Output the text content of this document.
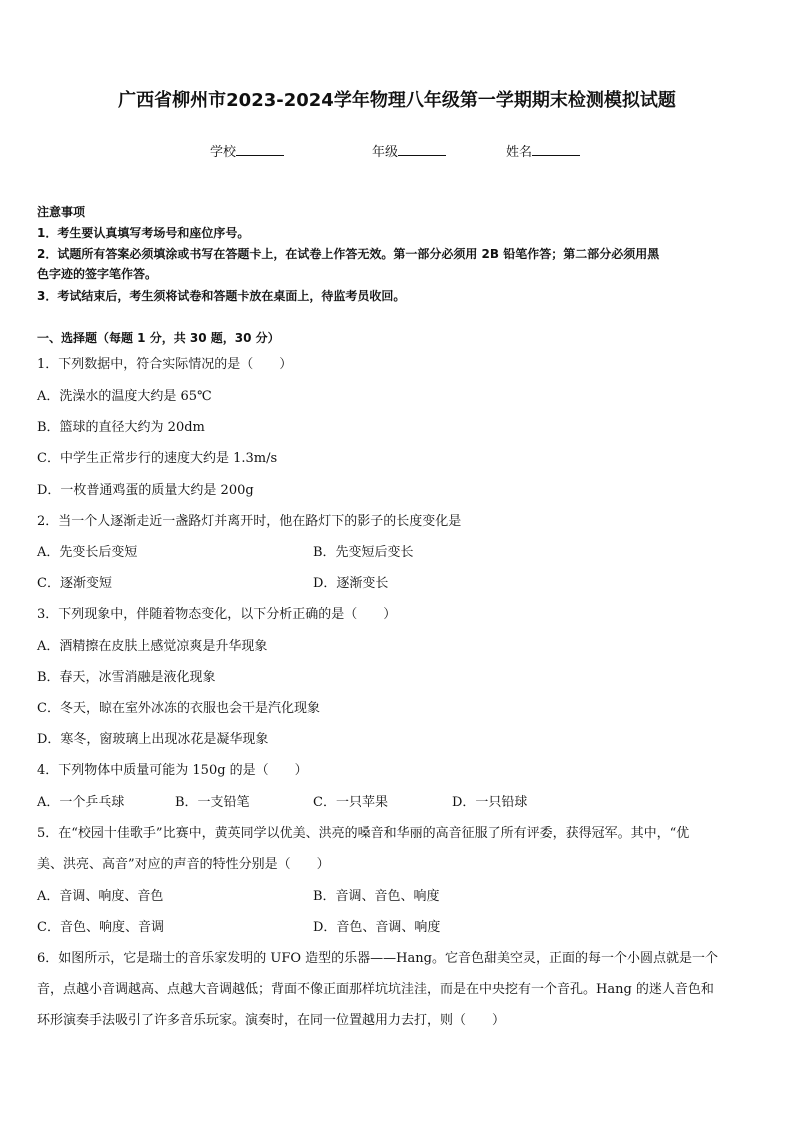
广西省柳州市2023-2024学年物理八年级第一学期期末检测模拟试题
学校	年级	姓名
注意事项
1．考生要认真填写考场号和座位序号。
2．试题所有答案必须填涂或书写在答题卡上，在试卷上作答无效。第一部分必须用 2B 铅笔作答；第二部分必须用黑
色字迹的签字笔作答。
3．考试结束后，考生须将试卷和答题卡放在桌面上，待监考员收回。
一、选择题（每题 1 分，共 30 题，30 分）
1．下列数据中，符合实际情况的是（　　）
A．洗澡水的温度大约是 65℃
B．篮球的直径大约为 20dm
C．中学生正常步行的速度大约是 1.3m/s
D．一枚普通鸡蛋的质量大约是 200g
2．当一个人逐渐走近一盏路灯并离开时，他在路灯下的影子的长度变化是
A．先变长后变短	B．先变短后变长
C．逐渐变短	D．逐渐变长
3．下列现象中，伴随着物态变化，以下分析正确的是（　　）
A．酒精擦在皮肤上感觉凉爽是升华现象
B．春天，冰雪消融是液化现象
C．冬天，晾在室外冰冻的衣服也会干是汽化现象
D．寒冬，窗玻璃上出现冰花是凝华现象
4．下列物体中质量可能为 150g 的是（　　）
A．一个乒乓球	B．一支铅笔	C．一只苹果	D．一只铅球
5．在“校园十佳歌手”比赛中，黄英同学以优美、洪亮的嗓音和华丽的高音征服了所有评委，获得冠军。其中，“优
美、洪亮、高音”对应的声音的特性分别是（　　）
A．音调、响度、音色	B．音调、音色、响度
C．音色、响度、音调	D．音色、音调、响度
6．如图所示，它是瑞士的音乐家发明的 UFO 造型的乐器——Hang。它音色甜美空灵，正面的每一个小圆点就是一个
音，点越小音调越高、点越大音调越低；背面不像正面那样坑坑洼洼，而是在中央挖有一个音孔。Hang 的迷人音色和
环形演奏手法吸引了许多音乐玩家。演奏时，在同一位置越用力去打，则（　　）
